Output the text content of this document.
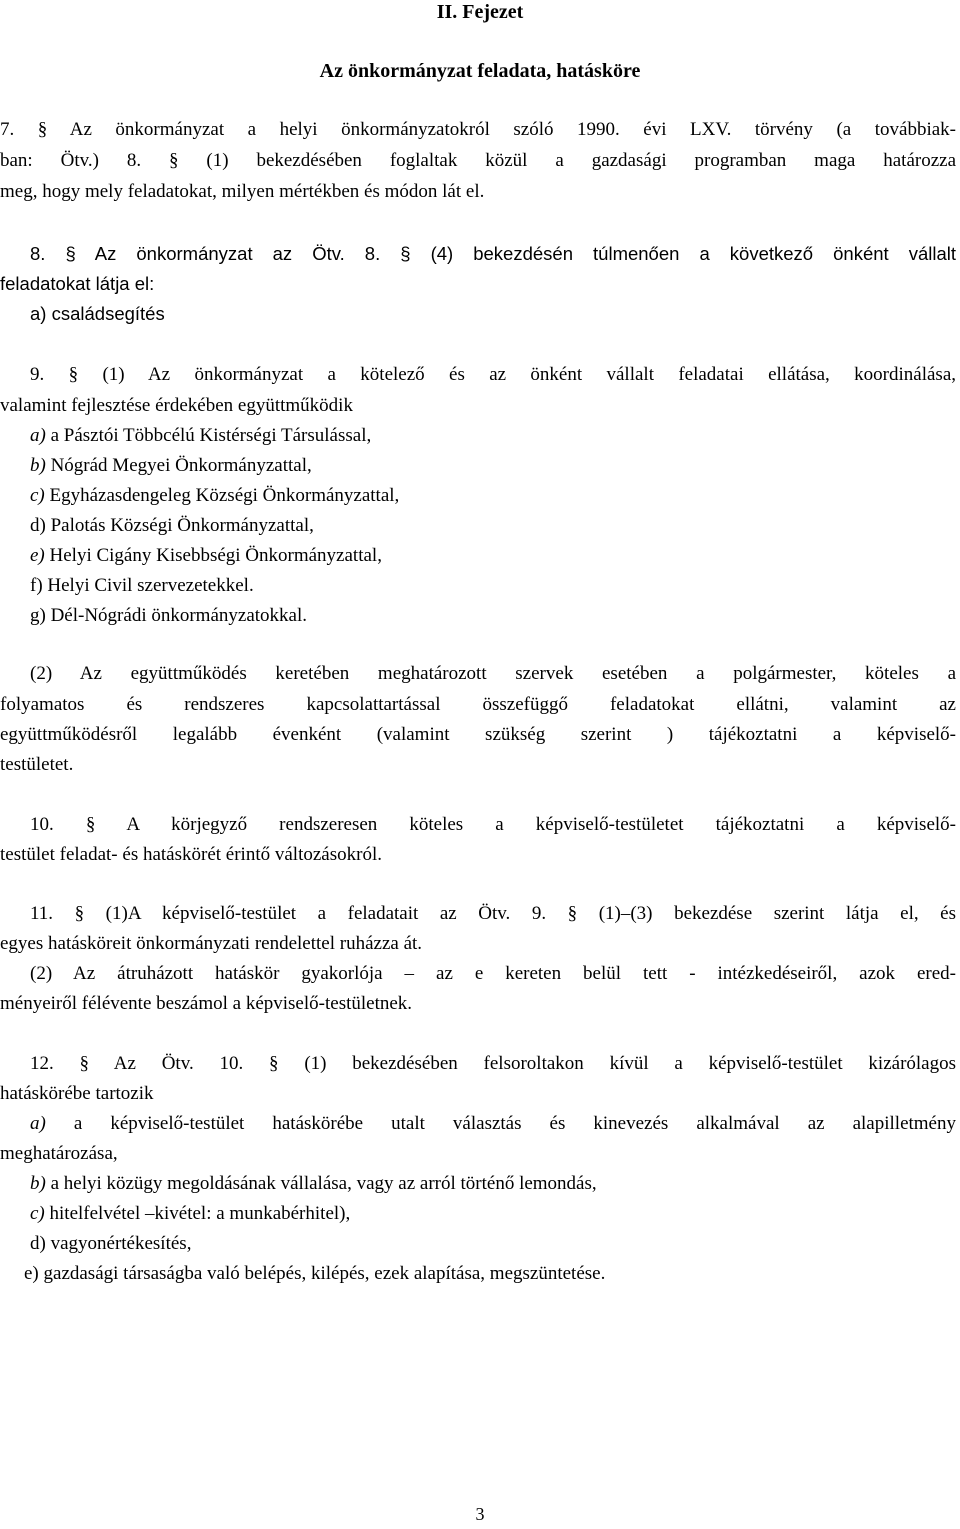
II. Fejezet
Az önkormányzat feladata, hatásköre
7. § Az önkormányzat a helyi önkormányzatokról szóló 1990. évi LXV. törvény (a továbbiak-
ban: Ötv.) 8. § (1) bekezdésében foglaltak közül a gazdasági programban maga határozza
meg, hogy mely feladatokat, milyen mértékben és módon lát el.
8. § Az önkormányzat az Ötv. 8. § (4) bekezdésén túlmenően a következő önként vállalt
feladatokat látja el:
a) családsegítés
9. § (1) Az önkormányzat a kötelező és az önként vállalt feladatai ellátása, koordinálása,
valamint fejlesztése érdekében együttműködik
a) a Pásztói Többcélú Kistérségi Társulással,
b) Nógrád Megyei Önkormányzattal,
c) Egyházasdengeleg Községi Önkormányzattal,
d) Palotás Községi Önkormányzattal,
e) Helyi Cigány Kisebbségi Önkormányzattal,
f) Helyi Civil szervezetekkel.
g) Dél-Nógrádi önkormányzatokkal.
(2) Az együttműködés keretében meghatározott szervek esetében a polgármester, köteles a
folyamatos és rendszeres kapcsolattartással összefüggő feladatokat ellátni, valamint az
együttműködésről legalább évenként (valamint szükség szerint ) tájékoztatni a képviselő-
testületet.
10. § A körjegyző rendszeresen köteles a képviselő-testületet tájékoztatni a képviselő-
testület feladat- és hatáskörét érintő változásokról.
11. § (1)A képviselő-testület a feladatait az Ötv. 9. § (1)–(3) bekezdése szerint látja el, és
egyes hatásköreit önkormányzati rendelettel ruházza át.
(2) Az átruházott hatáskör gyakorlója – az e kereten belül tett - intézkedéseiről, azok ered-
ményeiről félévente beszámol a képviselő-testületnek.
12. § Az Ötv. 10. § (1) bekezdésében felsoroltakon kívül a képviselő-testület kizárólagos
hatáskörébe tartozik
a) a képviselő-testület hatáskörébe utalt választás és kinevezés alkalmával az alapilletmény
meghatározása,
b) a helyi közügy megoldásának vállalása, vagy az arról történő lemondás,
c) hitelfelvétel –kivétel: a munkabérhitel),
d) vagyonértékesítés,
e) gazdasági társaságba való belépés, kilépés, ezek alapítása, megszüntetése.
3
